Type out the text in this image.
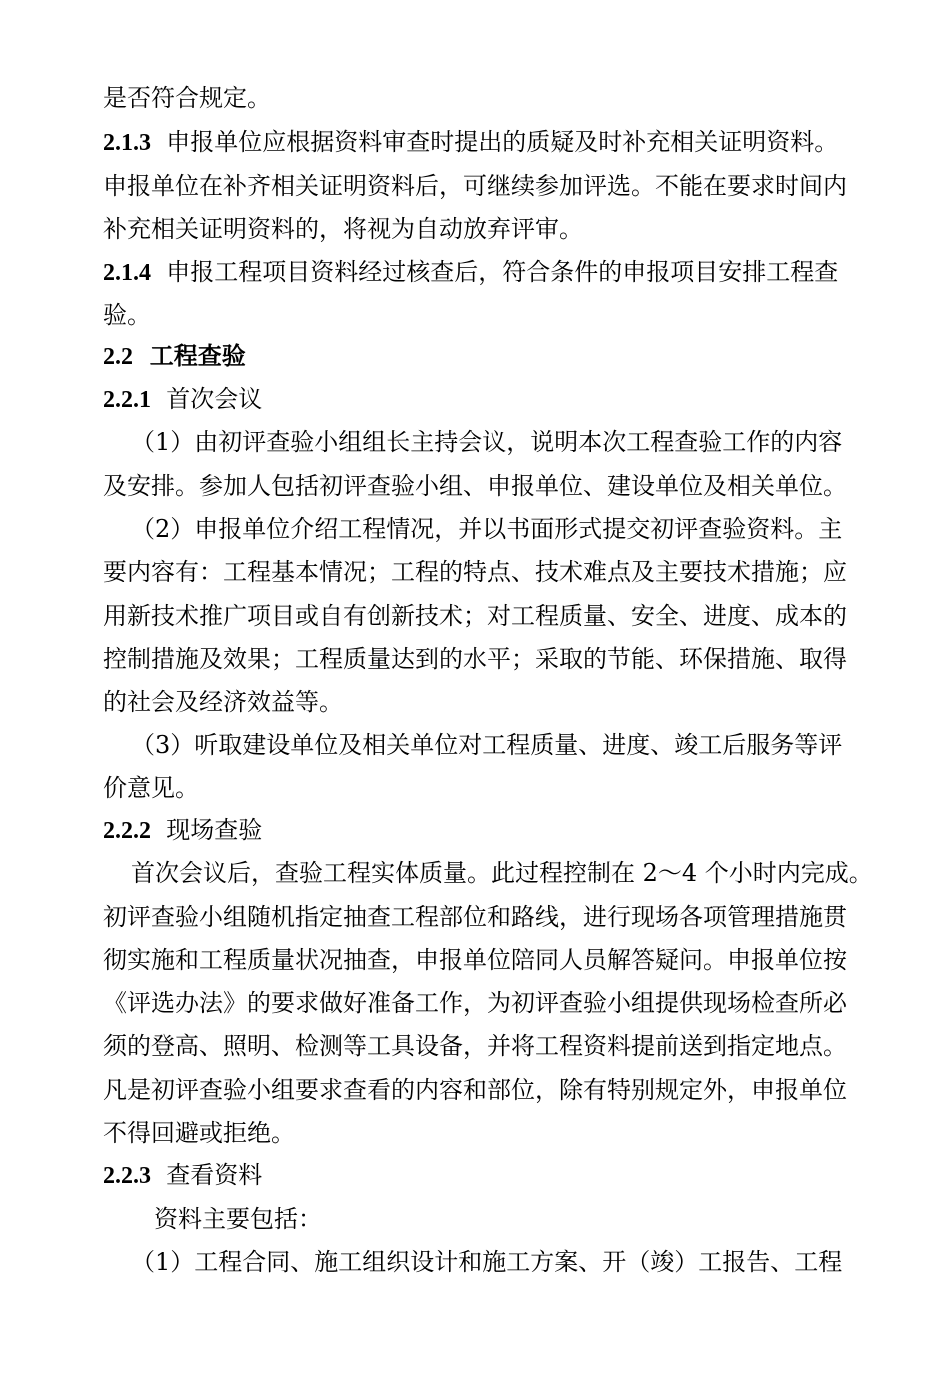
是否符合规定。
2.1.3 申报单位应根据资料审查时提出的质疑及时补充相关证明资料。
申报单位在补齐相关证明资料后，可继续参加评选。不能在要求时间内
补充相关证明资料的，将视为自动放弃评审。
2.1.4 申报工程项目资料经过核查后，符合条件的申报项目安排工程查
验。
2.2 工程查验
2.2.1 首次会议
（1）由初评查验小组组长主持会议，说明本次工程查验工作的内容
及安排。参加人包括初评查验小组、申报单位、建设单位及相关单位。
（2）申报单位介绍工程情况，并以书面形式提交初评查验资料。主
要内容有：工程基本情况；工程的特点、技术难点及主要技术措施；应
用新技术推广项目或自有创新技术；对工程质量、安全、进度、成本的
控制措施及效果；工程质量达到的水平；采取的节能、环保措施、取得
的社会及经济效益等。
（3）听取建设单位及相关单位对工程质量、进度、竣工后服务等评
价意见。
2.2.2 现场查验
首次会议后，查验工程实体质量。此过程控制在 2～4 个小时内完成。
初评查验小组随机指定抽查工程部位和路线，进行现场各项管理措施贯
彻实施和工程质量状况抽查，申报单位陪同人员解答疑问。申报单位按
《评选办法》的要求做好准备工作，为初评查验小组提供现场检查所必
须的登高、照明、检测等工具设备，并将工程资料提前送到指定地点。
凡是初评查验小组要求查看的内容和部位，除有特别规定外，申报单位
不得回避或拒绝。
2.2.3 查看资料
资料主要包括：
（1）工程合同、施工组织设计和施工方案、开（竣）工报告、工程
